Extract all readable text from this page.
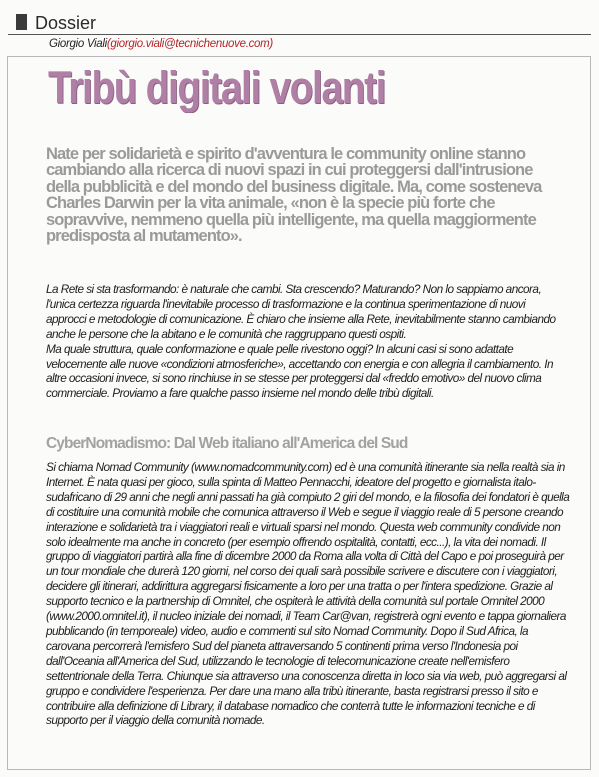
Dossier
Giorgio Viali(giorgio.viali@tecnichenuove.com)
Tribù digitali volanti
Nate per solidarietà e spirito d'avventura le community online stanno cambiando alla ricerca di nuovi spazi in cui proteggersi dall'intrusione della pubblicità e del mondo del business digitale. Ma, come sosteneva Charles Darwin per la vita animale, «non è la specie più forte che sopravvive, nemmeno quella più intelligente, ma quella maggiormente predisposta al mutamento».

La Rete si sta trasformando: è naturale che cambi. Sta crescendo? Maturando? Non lo sappiamo ancora, l'unica certezza riguarda l'inevitabile processo di trasformazione e la continua sperimentazione di nuovi approcci e metodologie di comunicazione. È chiaro che insieme alla Rete, inevitabilmente stanno cambiando anche le persone che la abitano e le comunità che raggruppano questi ospiti.

Ma quale struttura, quale conformazione e quale pelle rivestono oggi? In alcuni casi si sono adattate velocemente alle nuove «condizioni atmosferiche», accettando con energia e con allegria il cambiamento. In altre occasioni invece, si sono rinchiuse in se stesse per proteggersi dal «freddo emotivo» del nuovo clima commerciale. Proviamo a fare qualche passo insieme nel mondo delle tribù digitali.

CyberNomadismo: Dal Web italiano all'America del Sud
Si chiama Nomad Community (www.nomadcommunity.com) ed è una comunità itinerante sia nella realtà sia in Internet. È nata quasi per gioco, sulla spinta di Matteo Pennacchi, ideatore del progetto e giornalista italo-sudafricano di 29 anni che negli anni passati ha già compiuto 2 giri del mondo, e la filosofia dei fondatori è quella di costituire una comunità mobile che comunica attraverso il Web e segue il viaggio reale di 5 persone creando interazione e solidarietà tra i viaggiatori reali e virtuali sparsi nel mondo. Questa web community condivide non solo idealmente ma anche in concreto (per esempio offrendo ospitalità, contatti, ecc...), la vita dei nomadi. Il gruppo di viaggiatori partirà alla fine di dicembre 2000 da Roma alla volta di Città del Capo e poi proseguirà per un tour mondiale che durerà 120 giorni, nel corso dei quali sarà possibile scrivere e discutere con i viaggiatori, decidere gli itinerari, addirittura aggregarsi fisicamente a loro per una tratta o per l'intera spedizione. Grazie al supporto tecnico e la partnership di Omnitel, che ospiterà le attività della comunità sul portale Omnitel 2000 (www.2000.omnitel.it), il nucleo iniziale dei nomadi, il Team Car@van, registrerà ogni evento e tappa giornaliera pubblicando (in temporeale) video, audio e commenti sul sito Nomad Community. Dopo il Sud Africa, la carovana percorrerà l'emisfero Sud del pianeta attraversando 5 continenti prima verso l'Indonesia poi dall'Oceania all'America del Sud, utilizzando le tecnologie di telecomunicazione create nell'emisfero settentrionale della Terra. Chiunque sia attraverso una conoscenza diretta in loco sia via web, può aggregarsi al gruppo e condividere l'esperienza. Per dare una mano alla tribù itinerante, basta registrarsi presso il sito e contribuire alla definizione di Library, il database nomadico che conterrà tutte le informazioni tecniche e di supporto per il viaggio della comunità nomade.
